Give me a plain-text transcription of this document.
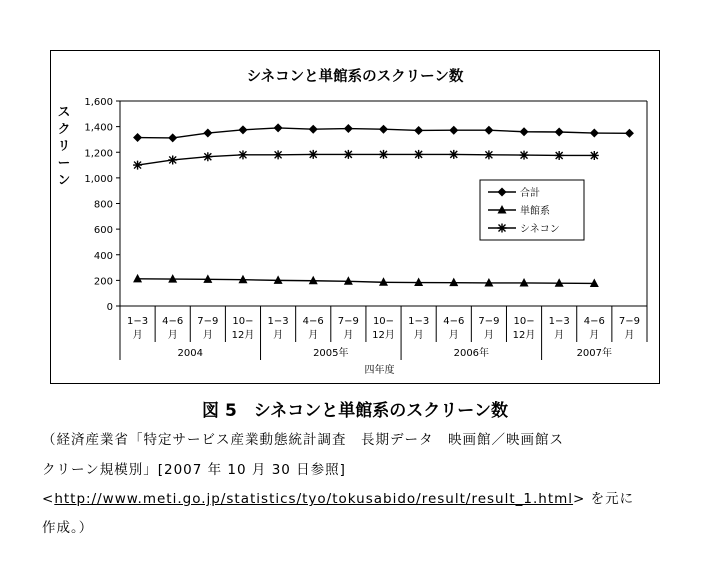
シネコンと単館系のスクリーン数
ス
ク
リ
ー
ン
0
200
400
600
800
1,000
1,200
1,400
1,600
1−3
月
4−6
月
7−9
月
10−
12月
1−3
月
4−6
月
7−9
月
10−
12月
1−3
月
4−6
月
7−9
月
10−
12月
1−3
月
4−6
月
7−9
月
2004	2005年	2006年	2007年
四年度
合計
単館系
シネコン
図 5　シネコンと単館系のスクリーン数
（経済産業省「特定サービス産業動態統計調査　長期データ　映画館／映画館ス
クリーン規模別」[2007 年 10 月 30 日参照]
<http://www.meti.go.jp/statistics/tyo/tokusabido/result/result_1.html> を元に
作成。）
